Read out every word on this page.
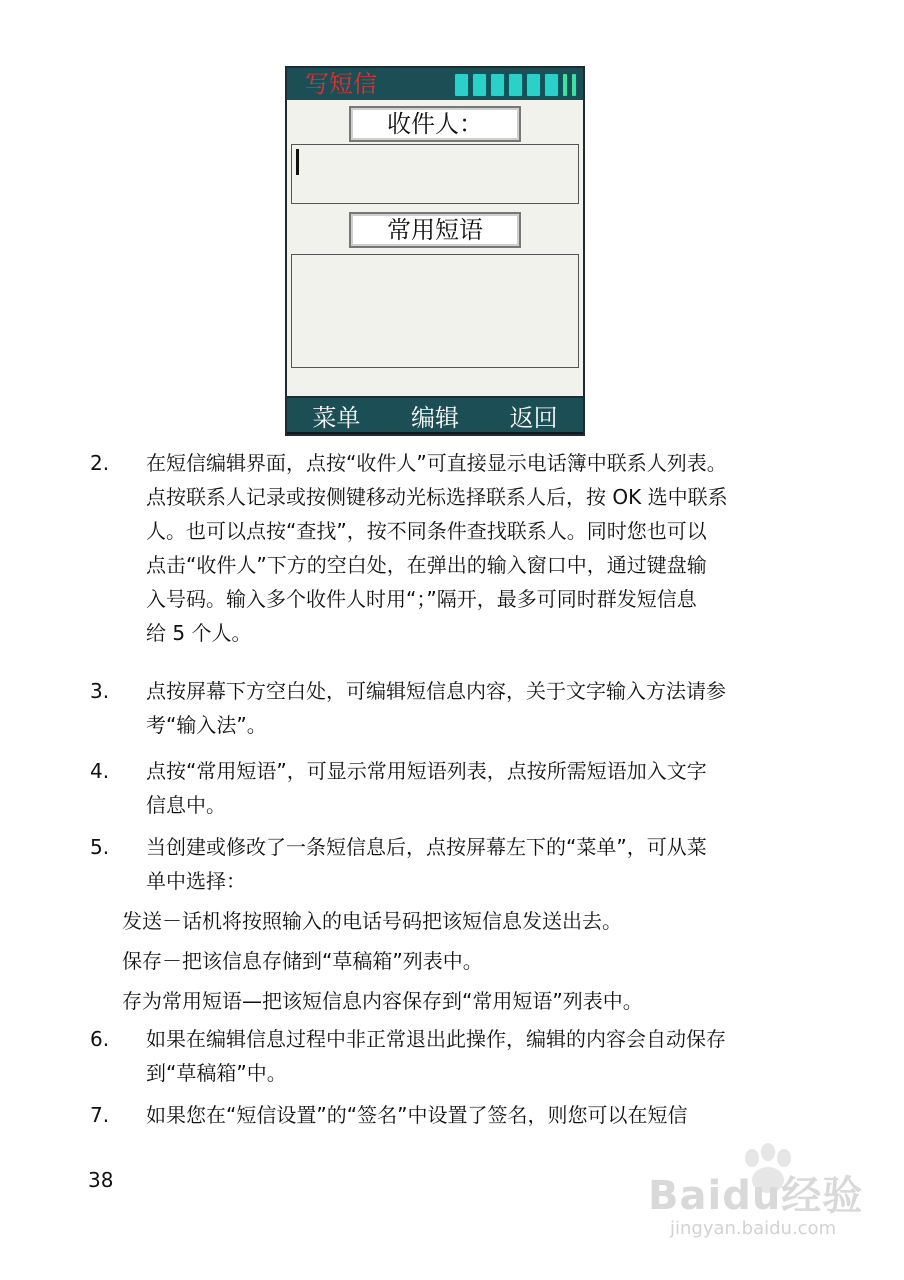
写短信
收件人：
常用短语
菜单 编辑 返回
2.	在短信编辑界面，点按“收件人”可直接显示电话簿中联系人列表。
点按联系人记录或按侧键移动光标选择联系人后，按 OK 选中联系
人。也可以点按“查找”，按不同条件查找联系人。同时您也可以
点击“收件人”下方的空白处，在弹出的输入窗口中，通过键盘输
入号码。输入多个收件人时用“；”隔开，最多可同时群发短信息
给 5 个人。
3.	点按屏幕下方空白处，可编辑短信息内容，关于文字输入方法请参
考“输入法”。
4.	点按“常用短语”，可显示常用短语列表，点按所需短语加入文字
信息中。
5.	当创建或修改了一条短信息后，点按屏幕左下的“菜单”，可从菜
单中选择：
发送－话机将按照输入的电话号码把该短信息发送出去。
保存－把该信息存储到“草稿箱”列表中。
存为常用短语—把该短信息内容保存到“常用短语”列表中。
6.	如果在编辑信息过程中非正常退出此操作，编辑的内容会自动保存
到“草稿箱”中。
7.	如果您在“短信设置”的“签名”中设置了签名，则您可以在短信
38	Baidu经验
jingyan.baidu.com
